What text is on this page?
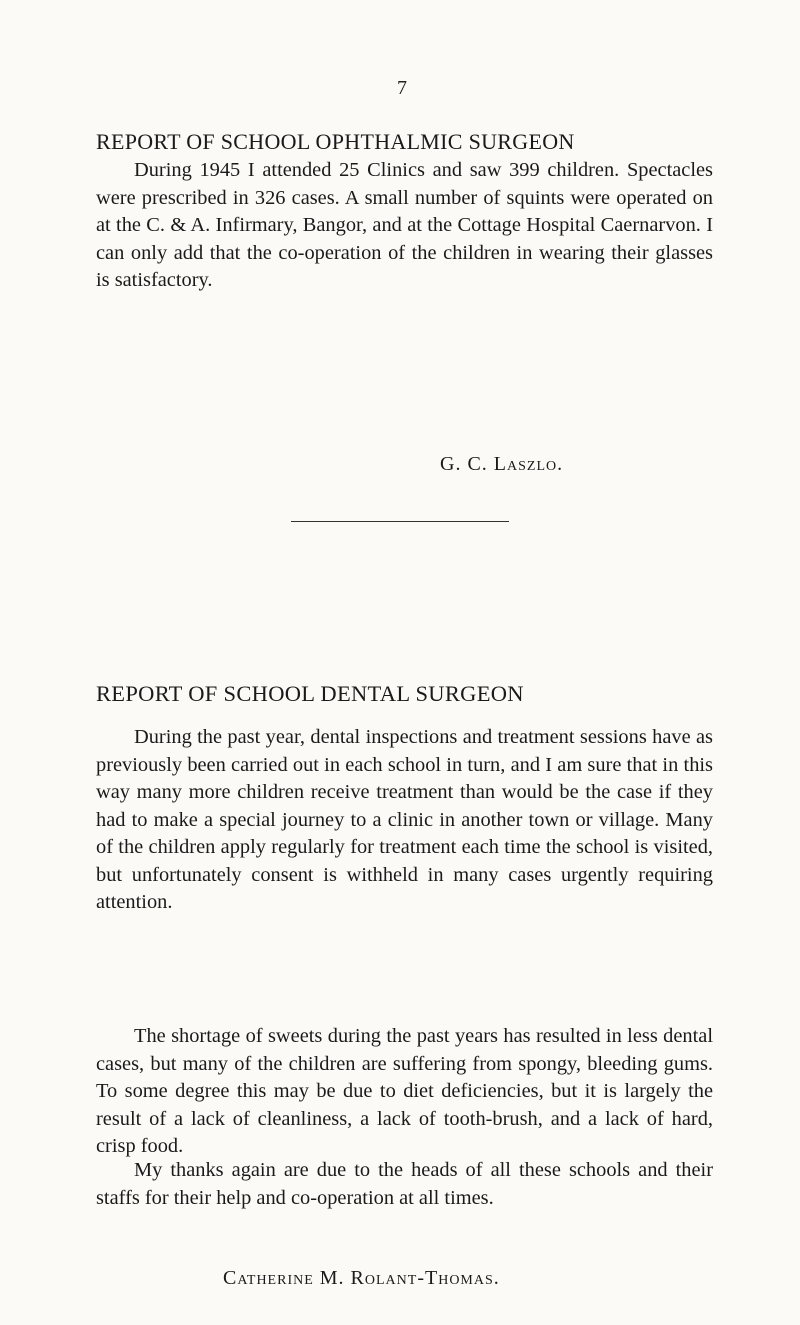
7
REPORT OF SCHOOL OPHTHALMIC SURGEON

During 1945 I attended 25 Clinics and saw 399 children. Spectacles were prescribed in 326 cases. A small number of squints were operated on at the C. & A. Infirmary, Bangor, and at the Cottage Hospital Caernarvon. I can only add that the co-operation of the children in wearing their glasses is satisfactory.

G. C. Laszlo.

REPORT OF SCHOOL DENTAL SURGEON

During the past year, dental inspections and treatment sessions have as previously been carried out in each school in turn, and I am sure that in this way many more children receive treatment than would be the case if they had to make a special journey to a clinic in another town or village. Many of the children apply regularly for treatment each time the school is visited, but unfortunately consent is withheld in many cases urgently requiring attention.

The shortage of sweets during the past years has resulted in less dental cases, but many of the children are suffering from spongy, bleeding gums. To some degree this may be due to diet deficiencies, but it is largely the result of a lack of cleanliness, a lack of tooth-brush, and a lack of hard, crisp food.

My thanks again are due to the heads of all these schools and their staffs for their help and co-operation at all times.

Catherine M. Rolant-Thomas.
